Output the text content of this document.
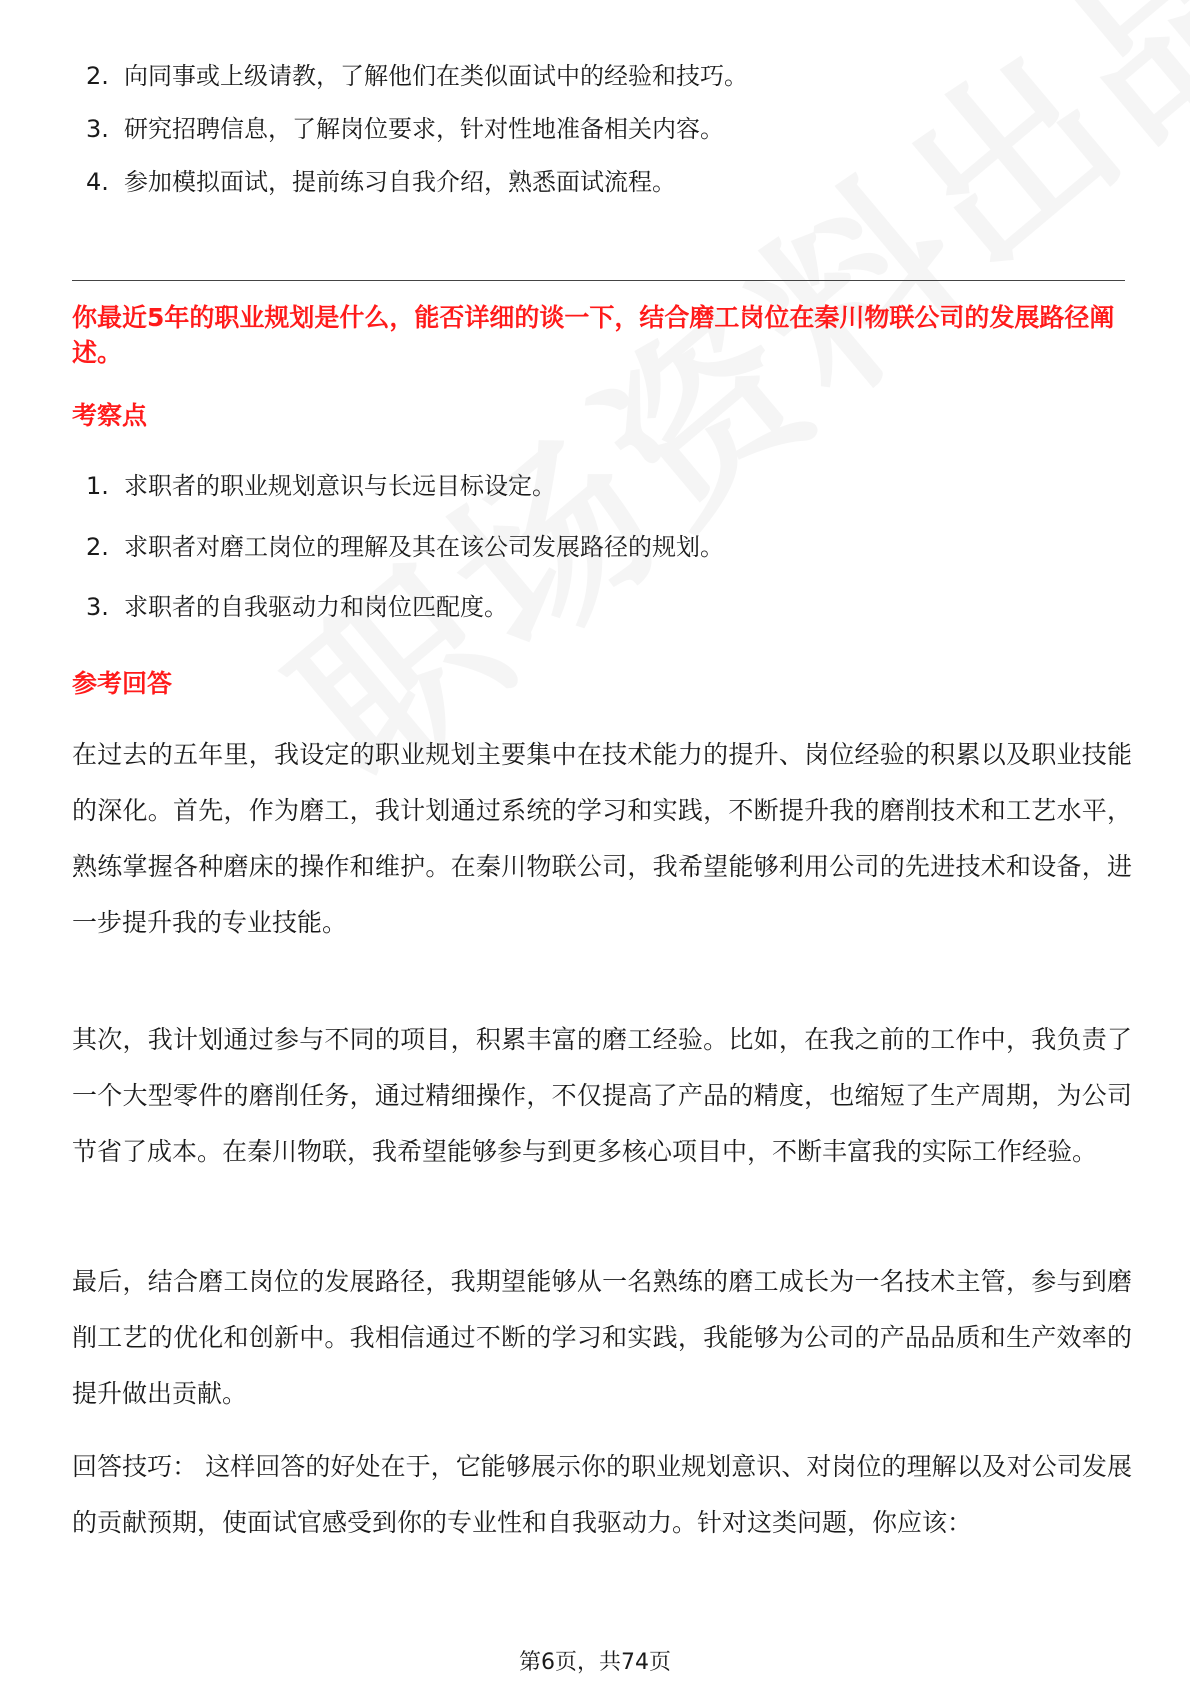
2. 向同事或上级请教，了解他们在类似面试中的经验和技巧。
3. 研究招聘信息，了解岗位要求，针对性地准备相关内容。
4. 参加模拟面试，提前练习自我介绍，熟悉面试流程。
你最近5年的职业规划是什么，能否详细的谈一下，结合磨工岗位在秦川物联公司的发展路径阐述。
考察点
1. 求职者的职业规划意识与长远目标设定。
2. 求职者对磨工岗位的理解及其在该公司发展路径的规划。
3. 求职者的自我驱动力和岗位匹配度。
参考回答

在过去的五年里，我设定的职业规划主要集中在技术能力的提升、岗位经验的积累以及职业技能的深化。首先，作为磨工，我计划通过系统的学习和实践，不断提升我的磨削技术和工艺水平，熟练掌握各种磨床的操作和维护。在秦川物联公司，我希望能够利用公司的先进技术和设备，进一步提升我的专业技能。

其次，我计划通过参与不同的项目，积累丰富的磨工经验。比如，在我之前的工作中，我负责了一个大型零件的磨削任务，通过精细操作，不仅提高了产品的精度，也缩短了生产周期，为公司节省了成本。在秦川物联，我希望能够参与到更多核心项目中，不断丰富我的实际工作经验。

最后，结合磨工岗位的发展路径，我期望能够从一名熟练的磨工成长为一名技术主管，参与到磨削工艺的优化和创新中。我相信通过不断的学习和实践，我能够为公司的产品品质和生产效率的提升做出贡献。

回答技巧： 这样回答的好处在于，它能够展示你的职业规划意识、对岗位的理解以及对公司发展的贡献预期，使面试官感受到你的专业性和自我驱动力。针对这类问题，你应该：

第6页，共74页
